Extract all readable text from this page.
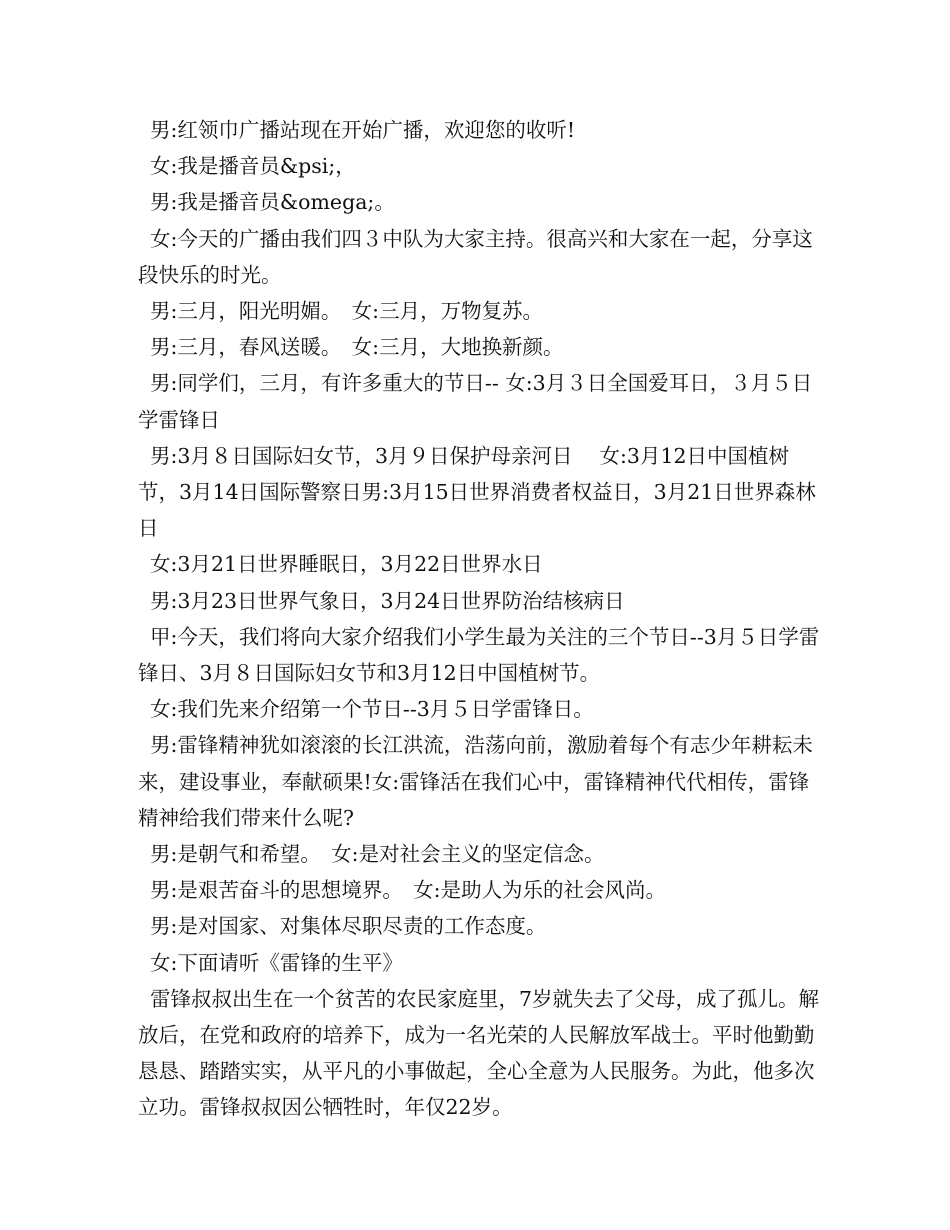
男:红领巾广播站现在开始广播，欢迎您的收听!

女:我是播音员&psi;，

男:我是播音员&omega;。

女:今天的广播由我们四３中队为大家主持。很高兴和大家在一起，分享这段快乐的时光。

男:三月，阳光明媚。　女:三月，万物复苏。

男:三月，春风送暖。　女:三月，大地换新颜。

男:同学们，三月，有许多重大的节日-- 女:3月３日全国爱耳日，３月５日学雷锋日

男:3月８日国际妇女节，3月９日保护母亲河日　 女:3月12日中国植树节，3月14日国际警察日男:3月15日世界消费者权益日，3月21日世界森林日

女:3月21日世界睡眠日，3月22日世界水日

男:3月23日世界气象日，3月24日世界防治结核病日

甲:今天，我们将向大家介绍我们小学生最为关注的三个节日--3月５日学雷锋日、3月８日国际妇女节和3月12日中国植树节。

女:我们先来介绍第一个节日--3月５日学雷锋日。

男:雷锋精神犹如滚滚的长江洪流，浩荡向前，激励着每个有志少年耕耘未来，建设事业，奉献硕果!女:雷锋活在我们心中，雷锋精神代代相传，雷锋精神给我们带来什么呢?

男:是朝气和希望。　女:是对社会主义的坚定信念。

男:是艰苦奋斗的思想境界。　女:是助人为乐的社会风尚。

男:是对国家、对集体尽职尽责的工作态度。

女:下面请听《雷锋的生平》

雷锋叔叔出生在一个贫苦的农民家庭里，7岁就失去了父母，成了孤儿。解放后，在党和政府的培养下，成为一名光荣的人民解放军战士。平时他勤勤恳恳、踏踏实实，从平凡的小事做起，全心全意为人民服务。为此，他多次立功。雷锋叔叔因公牺牲时，年仅22岁。
